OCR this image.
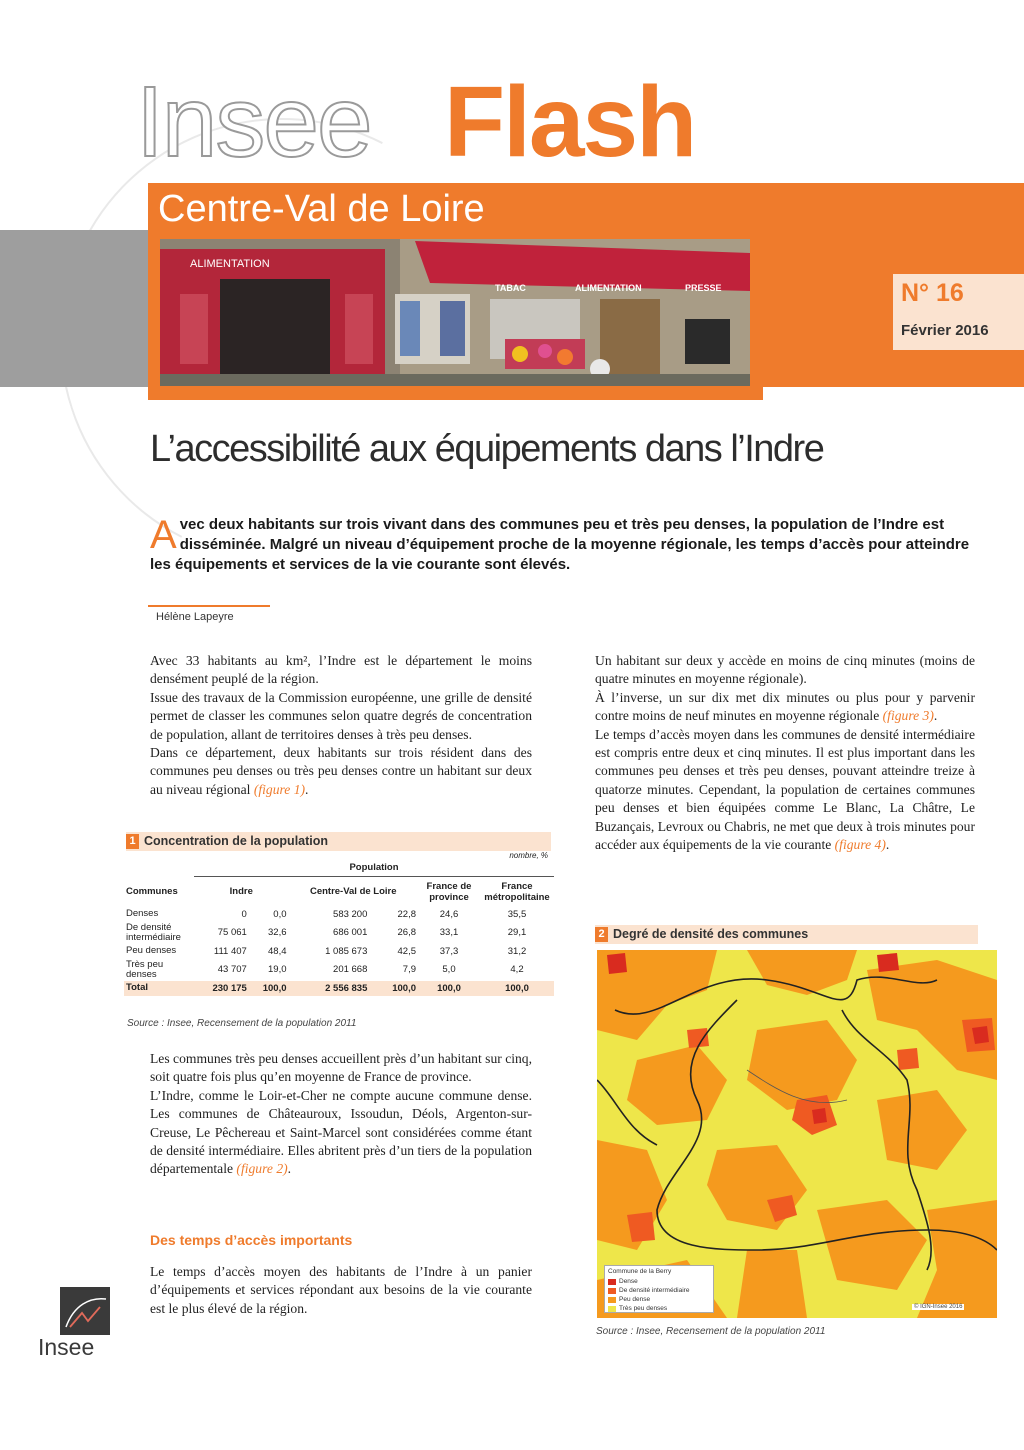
Insee Flash
Centre-Val de Loire
ALIMENTATION
TABAC	ALIMENTATION	PRESSE	N° 16
Février 2016
L’accessibilité aux équipements dans l’Indre
Avec deux habitants sur trois vivant dans des communes peu et très peu denses, la population de l’Indre est disséminée. Malgré un niveau d’équipement proche de la moyenne régionale, les temps d’accès pour atteindre les équipements et services de la vie courante sont élevés.
Hélène Lapeyre

Avec 33 habitants au km², l’Indre est le département le moins densément peuplé de la région.

Issue des travaux de la Commission européenne, une grille de densité permet de classer les communes selon quatre degrés de concentration de population, allant de territoires denses à très peu denses.

Dans ce département, deux habitants sur trois résident dans des communes peu denses ou très peu denses contre un habitant sur deux au niveau régional (figure 1).

1 Concentration de la population
nombre, %
	Population					
Communes	Indre		Centre-Val de Loire		France de province	France métropolitaine
Denses	0	0,0	583 200	22,8	24,6	35,5
De densité intermédiaire	75 061	32,6	686 001	26,8	33,1	29,1
Peu denses	111 407	48,4	1 085 673	42,5	37,3	31,2
Très peu denses	43 707	19,0	201 668	7,9	5,0	4,2
Total	230 175	100,0	2 556 835	100,0	100,0	100,0
Source : Insee, Recensement de la population 2011

Les communes très peu denses accueillent près d’un habitant sur cinq, soit quatre fois plus qu’en moyenne de France de province.

L’Indre, comme le Loir-et-Cher ne compte aucune commune dense. Les communes de Châteauroux, Issoudun, Déols, Argenton-sur-Creuse, Le Pêchereau et Saint-Marcel sont considérées comme étant de densité intermédiaire. Elles abritent près d’un tiers de la population départementale (figure 2).

Des temps d’accès importants

Le temps d’accès moyen des habitants de l’Indre à un panier d’équipements et services répondant aux besoins de la vie courante est le plus élevé de la région.

Un habitant sur deux y accède en moins de cinq minutes (moins de quatre minutes en moyenne régionale).

À l’inverse, un sur dix met dix minutes ou plus pour y parvenir contre moins de neuf minutes en moyenne régionale (figure 3).

Le temps d’accès moyen dans les communes de densité intermédiaire est compris entre deux et cinq minutes. Il est plus important dans les communes peu denses et très peu denses, pouvant atteindre treize à quatorze minutes. Cependant, la population de certaines communes peu denses et bien équipées comme Le Blanc, La Châtre, Le Buzançais, Levroux ou Chabris, ne met que deux à trois minutes pour accéder aux équipements de la vie courante (figure 4).

2 Degré de densité des communes
Commune de la Berry
Dense
De densité intermédiaire
Peu dense
Très peu denses	© IGN-Insee 2016
Source : Insee, Recensement de la population 2011
Insee
